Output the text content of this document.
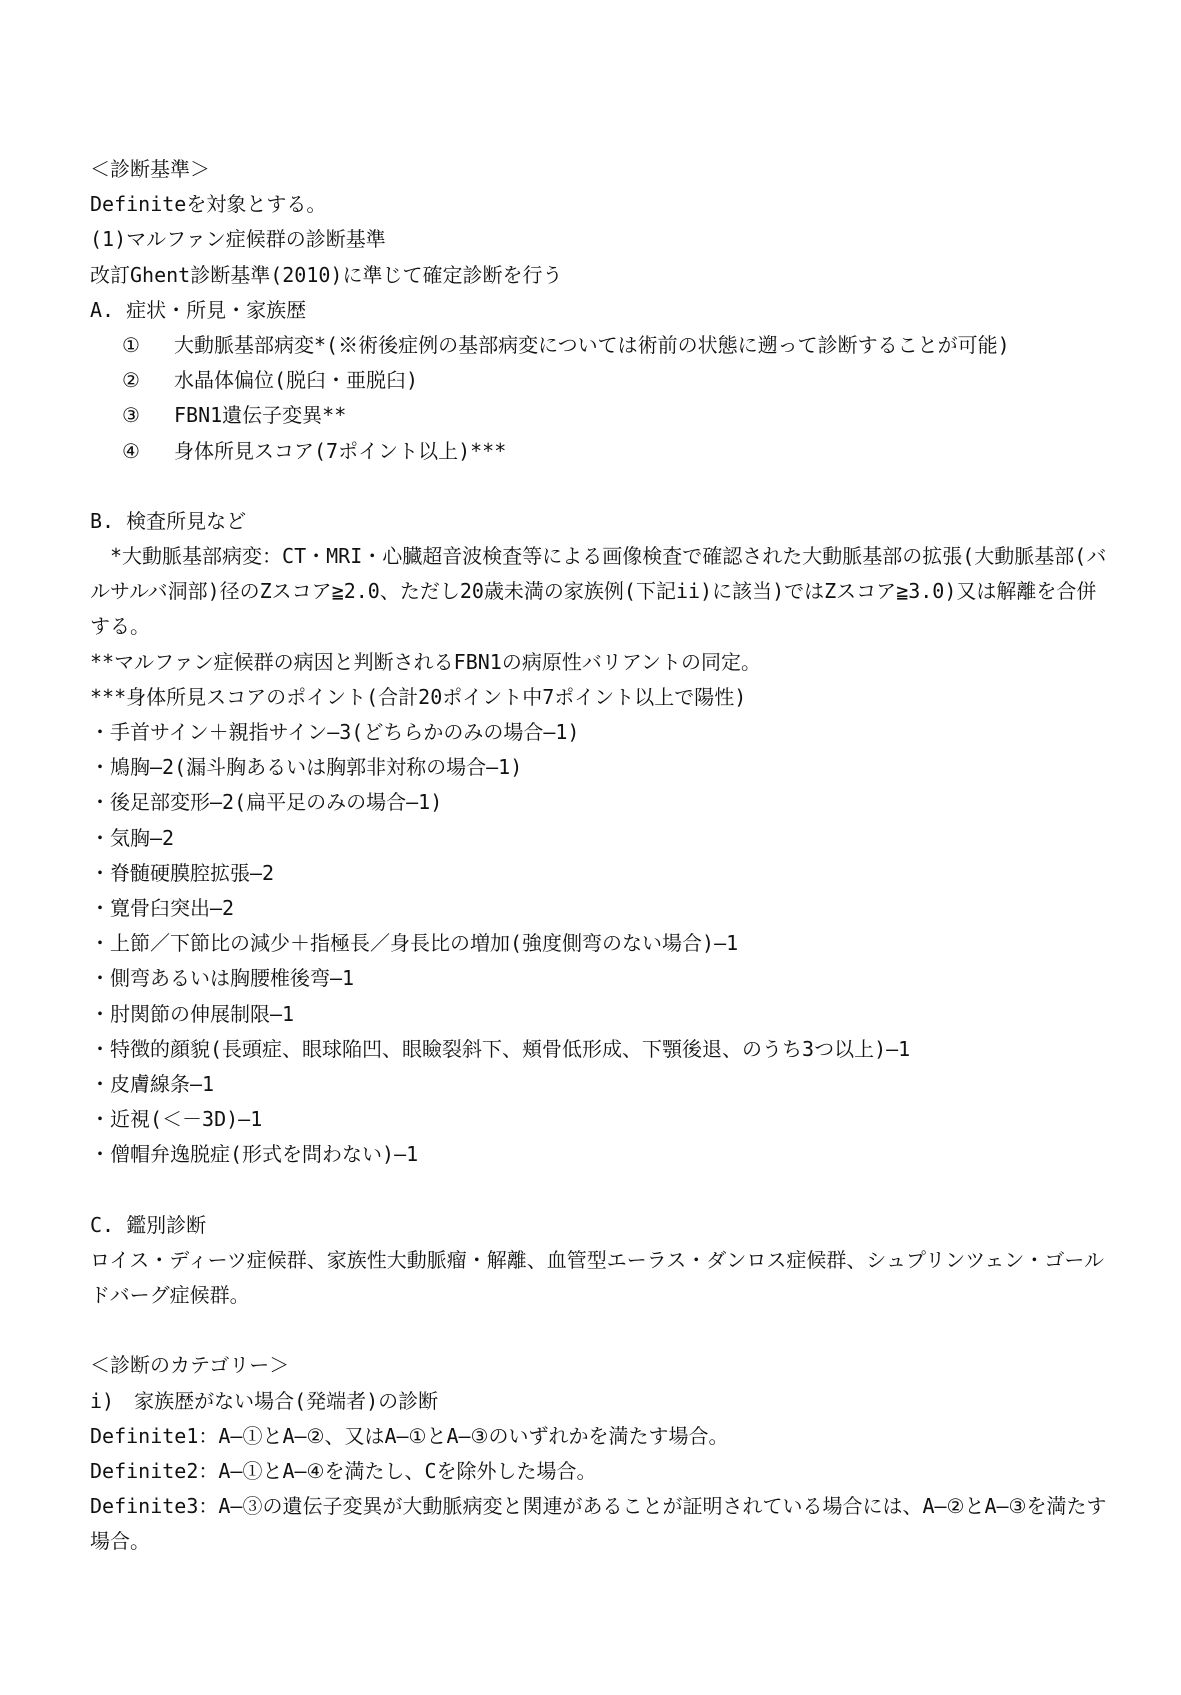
＜診断基準＞
Definiteを対象とする。
(1)マルファン症候群の診断基準
改訂Ghent診断基準(2010)に準じて確定診断を行う
A. 症状・所見・家族歴
① 大動脈基部病変*(※術後症例の基部病変については術前の状態に遡って診断することが可能)
② 水晶体偏位(脱臼・亜脱臼)
③ FBN1遺伝子変異**
④ 身体所見スコア(7ポイント以上)***
B. 検査所見など
*大動脈基部病変：CT・MRI・心臓超音波検査等による画像検査で確認された大動脈基部の拡張(大動脈基部(バルサルバ洞部)径のZスコア≧2.0、ただし20歳未満の家族例(下記ii)に該当)ではZスコア≧3.0)又は解離を合併する。
**マルファン症候群の病因と判断されるFBN1の病原性バリアントの同定。
***身体所見スコアのポイント(合計20ポイント中7ポイント以上で陽性)
・手首サイン＋親指サイン―3(どちらかのみの場合―1)
・鳩胸―2(漏斗胸あるいは胸郭非対称の場合―1)
・後足部変形―2(扁平足のみの場合―1)
・気胸―2
・脊髄硬膜腔拡張―2
・寛骨臼突出―2
・上節／下節比の減少＋指極長／身長比の増加(強度側弯のない場合)―1
・側弯あるいは胸腰椎後弯―1
・肘関節の伸展制限―1
・特徴的顔貌(長頭症、眼球陥凹、眼瞼裂斜下、頬骨低形成、下顎後退、のうち3つ以上)―1
・皮膚線条―1
・近視(＜－3D)―1
・僧帽弁逸脱症(形式を問わない)―1
C. 鑑別診断
ロイス・ディーツ症候群、家族性大動脈瘤・解離、血管型エーラス・ダンロス症候群、シュプリンツェン・ゴールドバーグ症候群。
＜診断のカテゴリー＞
i)　家族歴がない場合(発端者)の診断
Definite1：A―①とA―②、又はA―①とA―③のいずれかを満たす場合。
Definite2：A―①とA―④を満たし、Cを除外した場合。
Definite3：A―③の遺伝子変異が大動脈病変と関連があることが証明されている場合には、A―②とA―③を満たす場合。
